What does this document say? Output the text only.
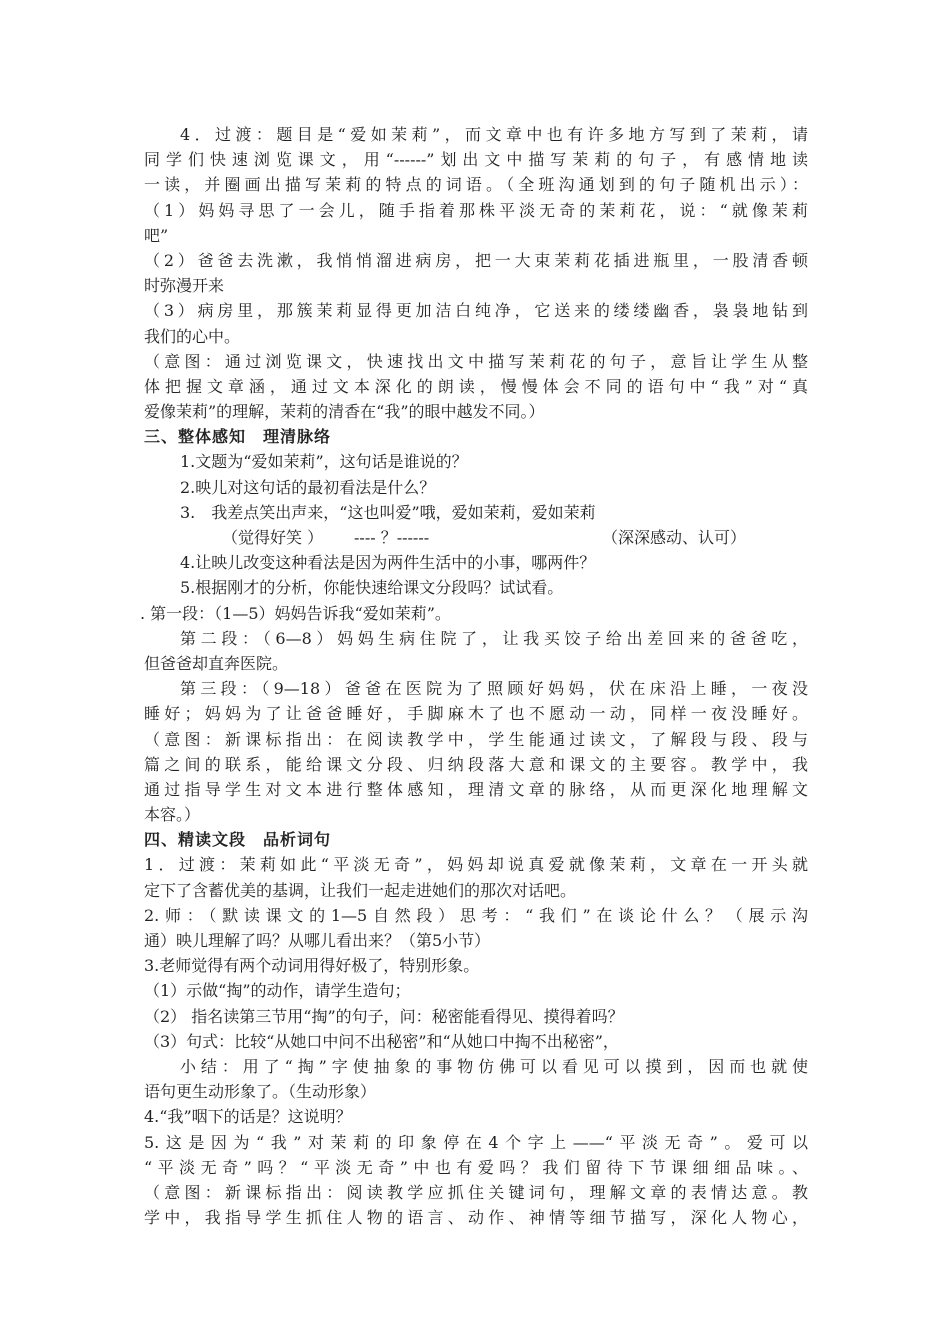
4．过渡：题目是“爱如茉莉”，而文章中也有许多地方写到了茉莉，请
同学们快速浏览课文，用“------”划出文中描写茉莉的句子，有感情地读
一读，并圈画出描写茉莉的特点的词语。（全班沟通划到的句子随机出示）：
（1）妈妈寻思了一会儿，随手指着那株平淡无奇的茉莉花，说：“就像茉莉
吧”
（2）爸爸去洗漱，我悄悄溜进病房，把一大束茉莉花插进瓶里，一股清香顿
时弥漫开来
（3）病房里，那簇茉莉显得更加洁白纯净，它送来的缕缕幽香，袅袅地钻到
我们的心中。
（意图：通过浏览课文，快速找出文中描写茉莉花的句子，意旨让学生从整
体把握文章涵，通过文本深化的朗读，慢慢体会不同的语句中“我”对“真
爱像茉莉”的理解，茉莉的清香在“我”的眼中越发不同。）
三、整体感知　理清脉络
1.文题为“爱如茉莉”，这句话是谁说的？
2.映儿对这句话的最初看法是什么？
3.　我差点笑出声来，“这也叫爱”哦，爱如茉莉，爱如茉莉

（觉得好笑 ）

---- ？------

	（深深感动、认可）

4.让映儿改变这种看法是因为两件生活中的小事，哪两件？
5.根据刚才的分析，你能快速给课文分段吗？试试看。
. 第一段：（1—5）妈妈告诉我“爱如茉莉”。
第二段：（6—8）妈妈生病住院了，让我买饺子给出差回来的爸爸吃，
但爸爸却直奔医院。
第三段：（9—18）爸爸在医院为了照顾好妈妈，伏在床沿上睡，一夜没
睡好；妈妈为了让爸爸睡好，手脚麻木了也不愿动一动，同样一夜没睡好。
（意图：新课标指出：在阅读教学中，学生能通过读文，了解段与段、段与
篇之间的联系，能给课文分段、归纳段落大意和课文的主要容。教学中，我
通过指导学生对文本进行整体感知，理清文章的脉络，从而更深化地理解文
本容。）
四、精读文段　品析词句
1．过渡：茉莉如此“平淡无奇”，妈妈却说真爱就像茉莉，文章在一开头就
定下了含蓄优美的基调，让我们一起走进她们的那次对话吧。
2.师：（默读课文的1—5自然段）思考：“我们”在谈论什么？（展示沟
通）映儿理解了吗？从哪儿看出来？（第5小节）
3.老师觉得有两个动词用得好极了，特别形象。
（1）示做“掏”的动作，请学生造句；
（2） 指名读第三节用“掏”的句子，问：秘密能看得见、摸得着吗？
（3）句式：比较“从她口中问不出秘密”和“从她口中掏不出秘密”，
小结：用了“掏”字使抽象的事物仿佛可以看见可以摸到，因而也就使
语句更生动形象了。（生动形象）
4.“我”咽下的话是？这说明？
5.这是因为“我”对茉莉的印象停在4个字上——“平淡无奇”。爱可以
“平淡无奇”吗？“平淡无奇”中也有爱吗？我们留待下节课细细品味。、
（意图：新课标指出：阅读教学应抓住关键词句，理解文章的表情达意。教
学中，我指导学生抓住人物的语言、动作、神情等细节描写，深化人物心，
